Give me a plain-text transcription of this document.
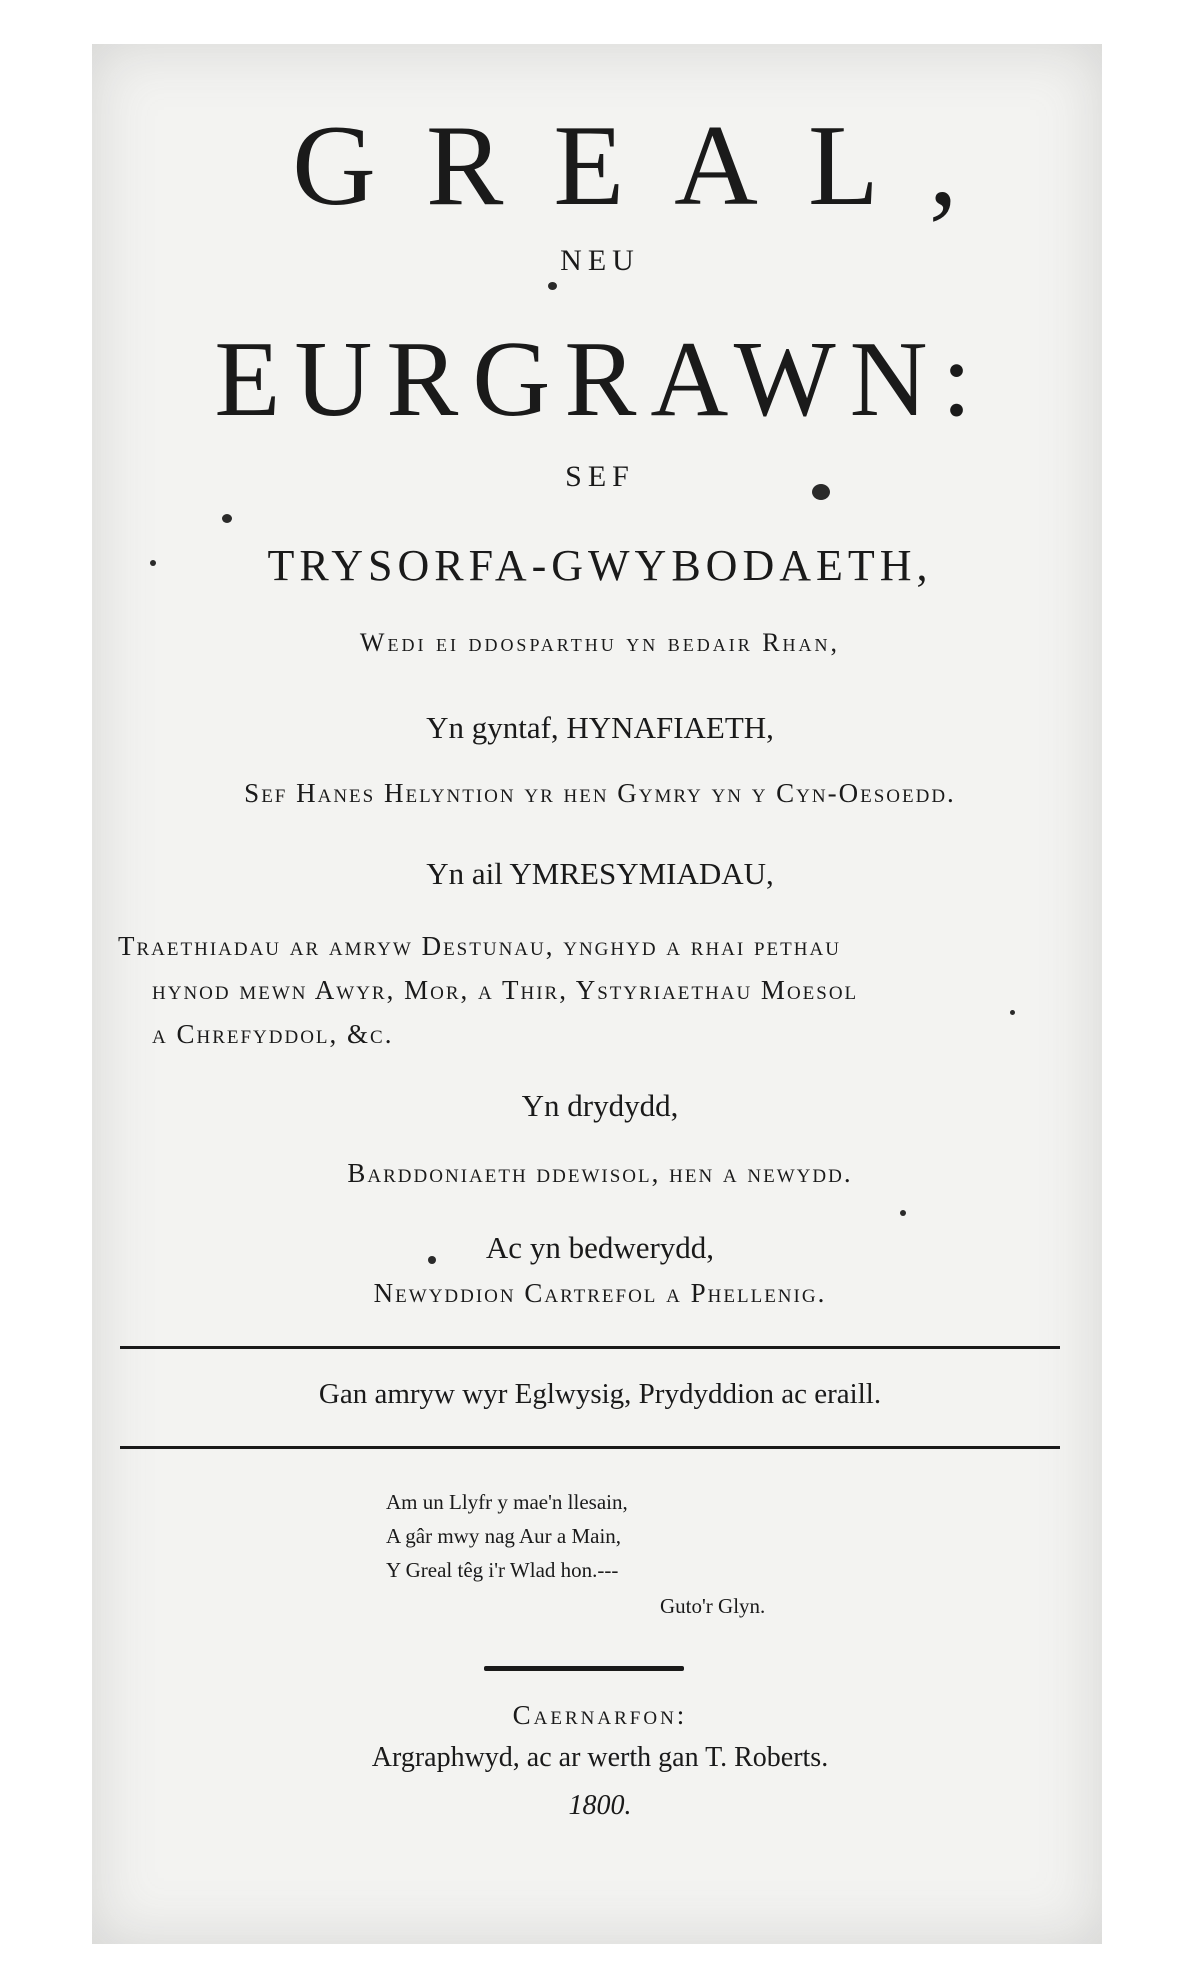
GREAL,
NEU
EURGRAWN:
SEF
TRYSORFA-GWYBODAETH,
Wedi ei ddosparthu yn bedair Rhan,
Yn gyntaf, HYNAFIAETH,
Sef Hanes Helyntion yr hen Gymry yn y Cyn-Oesoedd.
Yn ail YMRESYMIADAU,
Traethiadau ar amryw Destunau, ynghyd a rhai pethau
hynod mewn Awyr, Mor, a Thir, Ystyriaethau Moesol
a Chrefyddol, &c.
Yn drydydd,
Barddoniaeth ddewisol, hen a newydd.
Ac yn bedwerydd,
Newyddion Cartrefol a Phellenig.
Gan amryw wyr Eglwysig, Prydyddion ac eraill.
Am un Llyfr y mae'n llesain,
A gâr mwy nag Aur a Main,
Y Greal têg i'r Wlad hon.---
Guto'r Glyn.
Caernarfon:
Argraphwyd, ac ar werth gan T. Roberts.
1800.
